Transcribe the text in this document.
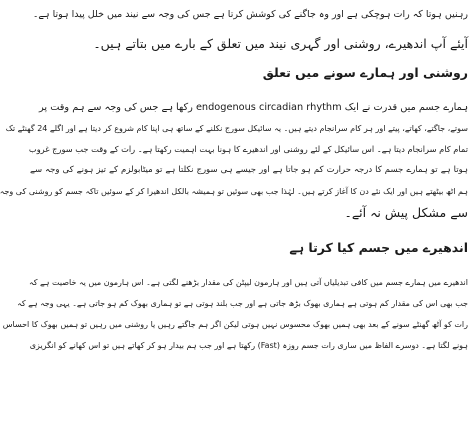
رہنیں ہوتا کہ رات ہوچکی ہے اور وہ جاگنے کی کوشش کرتا ہے جس کی وجہ سے نیند میں خلل پیدا ہوتا ہے۔
آیئے آپ اندھیرے، روشنی اور گہری نیند میں تعلق کے بارے میں بتاتے ہیں۔
روشنی اور ہمارے سونے میں تعلق
ہمارے جسم میں قدرت نے ایک endogenous circadian rhythm رکھا ہے جس کی وجہ سے ہم وقت پر
سوتے، جاگتے، کھاتے، پیتے اور ہر کام سرانجام دیتے ہیں۔ یہ سائیکل سورج نکلنے کے ساتھ ہی اپنا کام شروع کر دیتا ہے اور اگلے 24 گھنٹے تک
تمام کام سرانجام دیتا ہے۔ اس سائیکل کے لئے روشنی اور اندھیرے کا ہونا بہت اہمیت رکھتا ہے۔ رات کے وقت جب سورج غروب
ہوتا ہے تو ہمارے جسم کا درجہ حرارت کم ہو جاتا ہے اور جیسے ہی سورج نکلتا ہے تو میٹابولزم کے تیز ہونے کی وجہ سے
ہم اٹھ بیٹھتے ہیں اور ایک نئے دن کا آغاز کرتے ہیں۔ لہٰذا جب بھی سوئیں تو ہمیشہ بالکل اندھیرا کر کے سوئیں تاکہ جسم کو روشنی کی وجہ
سے مشکل پیش نہ آئے۔
اندھیرے میں جسم کیا کرتا ہے
اندھیرے میں ہمارے جسم میں کافی تبدیلیاں آتی ہیں اور ہارمون لیپٹن کی مقدار بڑھنے لگتی ہے۔ اس ہارمون میں یہ خاصیت ہے کہ
جب بھی اس کی مقدار کم ہوتی ہے ہماری بھوک بڑھ جاتی ہے اور جب بلند ہوتی ہے تو ہماری بھوک کم ہو جاتی ہے۔ یہی وجہ ہے کہ
رات کو آٹھ گھنٹے سونے کے بعد بھی ہمیں بھوک محسوس نہیں ہوتی لیکن اگر ہم جاگتے رہیں یا روشنی میں رہیں تو ہمیں بھوک کا احساس
ہونے لگتا ہے۔ دوسرے الفاظ میں ساری رات جسم روزہ (Fast) رکھتا ہے اور جب ہم بیدار ہو کر کھاتے ہیں تو اس کھانے کو انگریزی
